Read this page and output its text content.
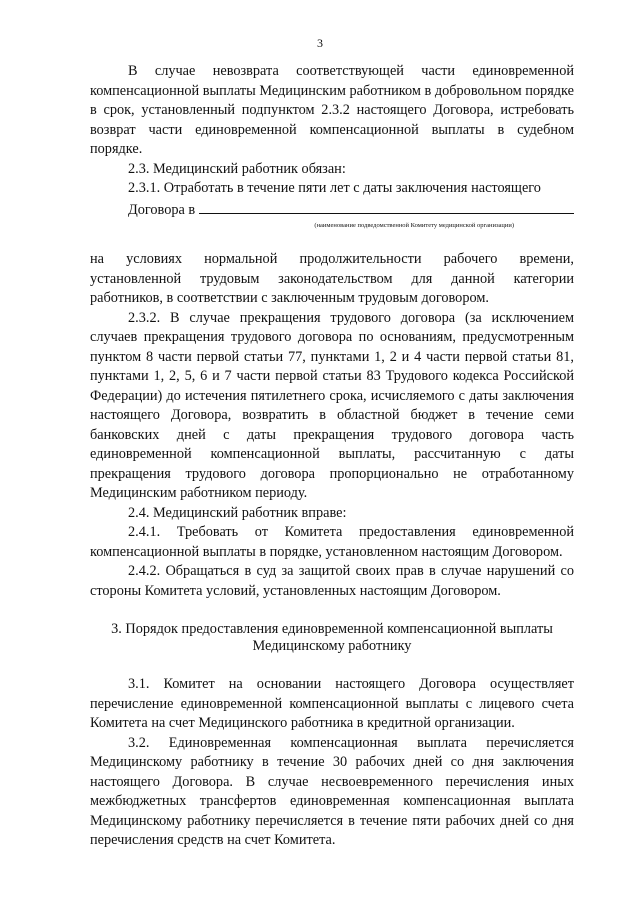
3

В случае невозврата соответствующей части единовременной компенсационной выплаты Медицинским работником в добровольном порядке в срок, установленный подпунктом 2.3.2 настоящего Договора, истребовать возврат части единовременной компенсационной выплаты в судебном порядке.

2.3. Медицинский работник обязан:

2.3.1. Отработать в течение пяти лет с даты заключения настоящего

Договора в
(наименование подведомственной Комитету медицинской организации)

на условиях нормальной продолжительности рабочего времени, установленной трудовым законодательством для данной категории работников, в соответствии с заключенным трудовым договором.

2.3.2. В случае прекращения трудового договора (за исключением случаев прекращения трудового договора по основаниям, предусмотренным пунктом 8 части первой статьи 77, пунктами 1, 2 и 4 части первой статьи 81, пунктами 1, 2, 5, 6 и 7 части первой статьи 83 Трудового кодекса Российской Федерации) до истечения пятилетнего срока, исчисляемого с даты заключения настоящего Договора, возвратить в областной бюджет в течение семи банковских дней с даты прекращения трудового договора часть единовременной компенсационной выплаты, рассчитанную с даты прекращения трудового договора пропорционально не отработанному Медицинским работником периоду.

2.4. Медицинский работник вправе:

2.4.1. Требовать от Комитета предоставления единовременной компенсационной выплаты в порядке, установленном настоящим Договором.

2.4.2. Обращаться в суд за защитой своих прав в случае нарушений со стороны Комитета условий, установленных настоящим Договором.

3. Порядок предоставления единовременной компенсационной выплаты
Медицинскому работнику

3.1. Комитет на основании настоящего Договора осуществляет перечисление единовременной компенсационной выплаты с лицевого счета Комитета на счет Медицинского работника в кредитной организации.

3.2. Единовременная компенсационная выплата перечисляется Медицинскому работнику в течение 30 рабочих дней со дня заключения настоящего Договора. В случае несвоевременного перечисления иных межбюджетных трансфертов единовременная компенсационная выплата Медицинскому работнику перечисляется в течение пяти рабочих дней со дня перечисления средств на счет Комитета.
